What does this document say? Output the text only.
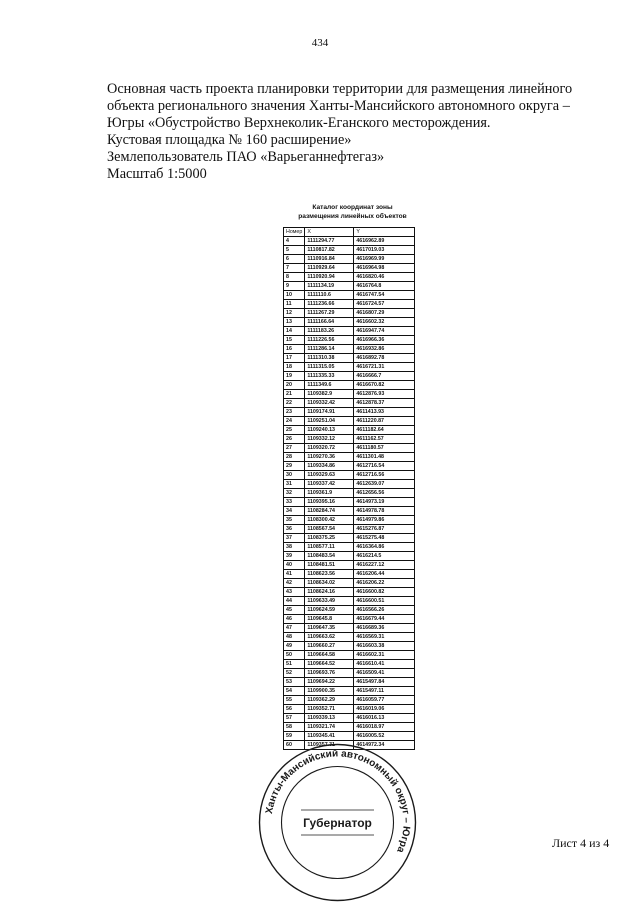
434
Основная часть проекта планировки территории для размещения линейного
объекта регионального значения Ханты-Мансийского автономного округа –
Югры «Обустройство Верхнеколик-Еганского месторождения.
Кустовая площадка № 160 расширение»
Землепользователь ПАО «Варьеганнефтегаз»
Масштаб 1:5000
Каталог координат зоны
размещения линейных объектов
Номер	X	Y
4	1111294.77	4616962.89
5	1110817.82	4617019.03
6	1110916.84	4616969.99
7	1110929.64	4616964.98
8	1110920.94	4616820.46
9	1111134.19	4616764.8
10	1111110.6	4616747.54
11	1111236.66	4616724.57
12	1111267.29	4616807.29
13	1111166.64	4616602.32
14	1111183.26	4616947.74
15	1111226.56	4616966.36
16	1111286.14	4616932.86
17	1111310.38	4616892.78
18	1111315.05	4616721.31
19	1111335.33	4616666.7
20	1111349.6	4616670.82
21	1109382.9	4612876.93
22	1109332.42	4612878.37
23	1109174.91	4611413.93
24	1109251.04	4611220.87
25	1109240.13	4611182.64
26	1109332.12	4611162.57
27	1109320.72	4611180.57
28	1109270.36	4611301.48
29	1109334.86	4612716.54
30	1109329.63	4612716.56
31	1109337.42	4612639.07
32	1109361.9	4612656.56
33	1109395.16	4614973.19
34	1108284.74	4614978.78
35	1108300.42	4614979.86
36	1108567.54	4615276.87
37	1108375.25	4615275.48
38	1108577.11	4616364.86
39	1108483.54	4616214.5
40	1108481.51	4616227.12
41	1108623.56	4616206.44
42	1108634.02	4616206.22
43	1108624.16	4616600.82
44	1109633.49	4616600.51
45	1109624.59	4616566.26
46	1109645.8	4616679.44
47	1109647.35	4616689.36
48	1109663.62	4616569.31
49	1109660.27	4616603.38
50	1109664.58	4616602.31
51	1109664.52	4616610.41
52	1109693.76	4616509.41
53	1109694.22	4615497.84
54	1109900.35	4615497.11
55	1109362.29	4616059.77
56	1109352.71	4616019.06
57	1109339.13	4616016.13
58	1109321.74	4616018.97
59	1109345.41	4616005.52
60	1109357.31	4614972.34
Ханты-Мансийский автономный округ – Югра
Губернатор
Лист 4 из 4
